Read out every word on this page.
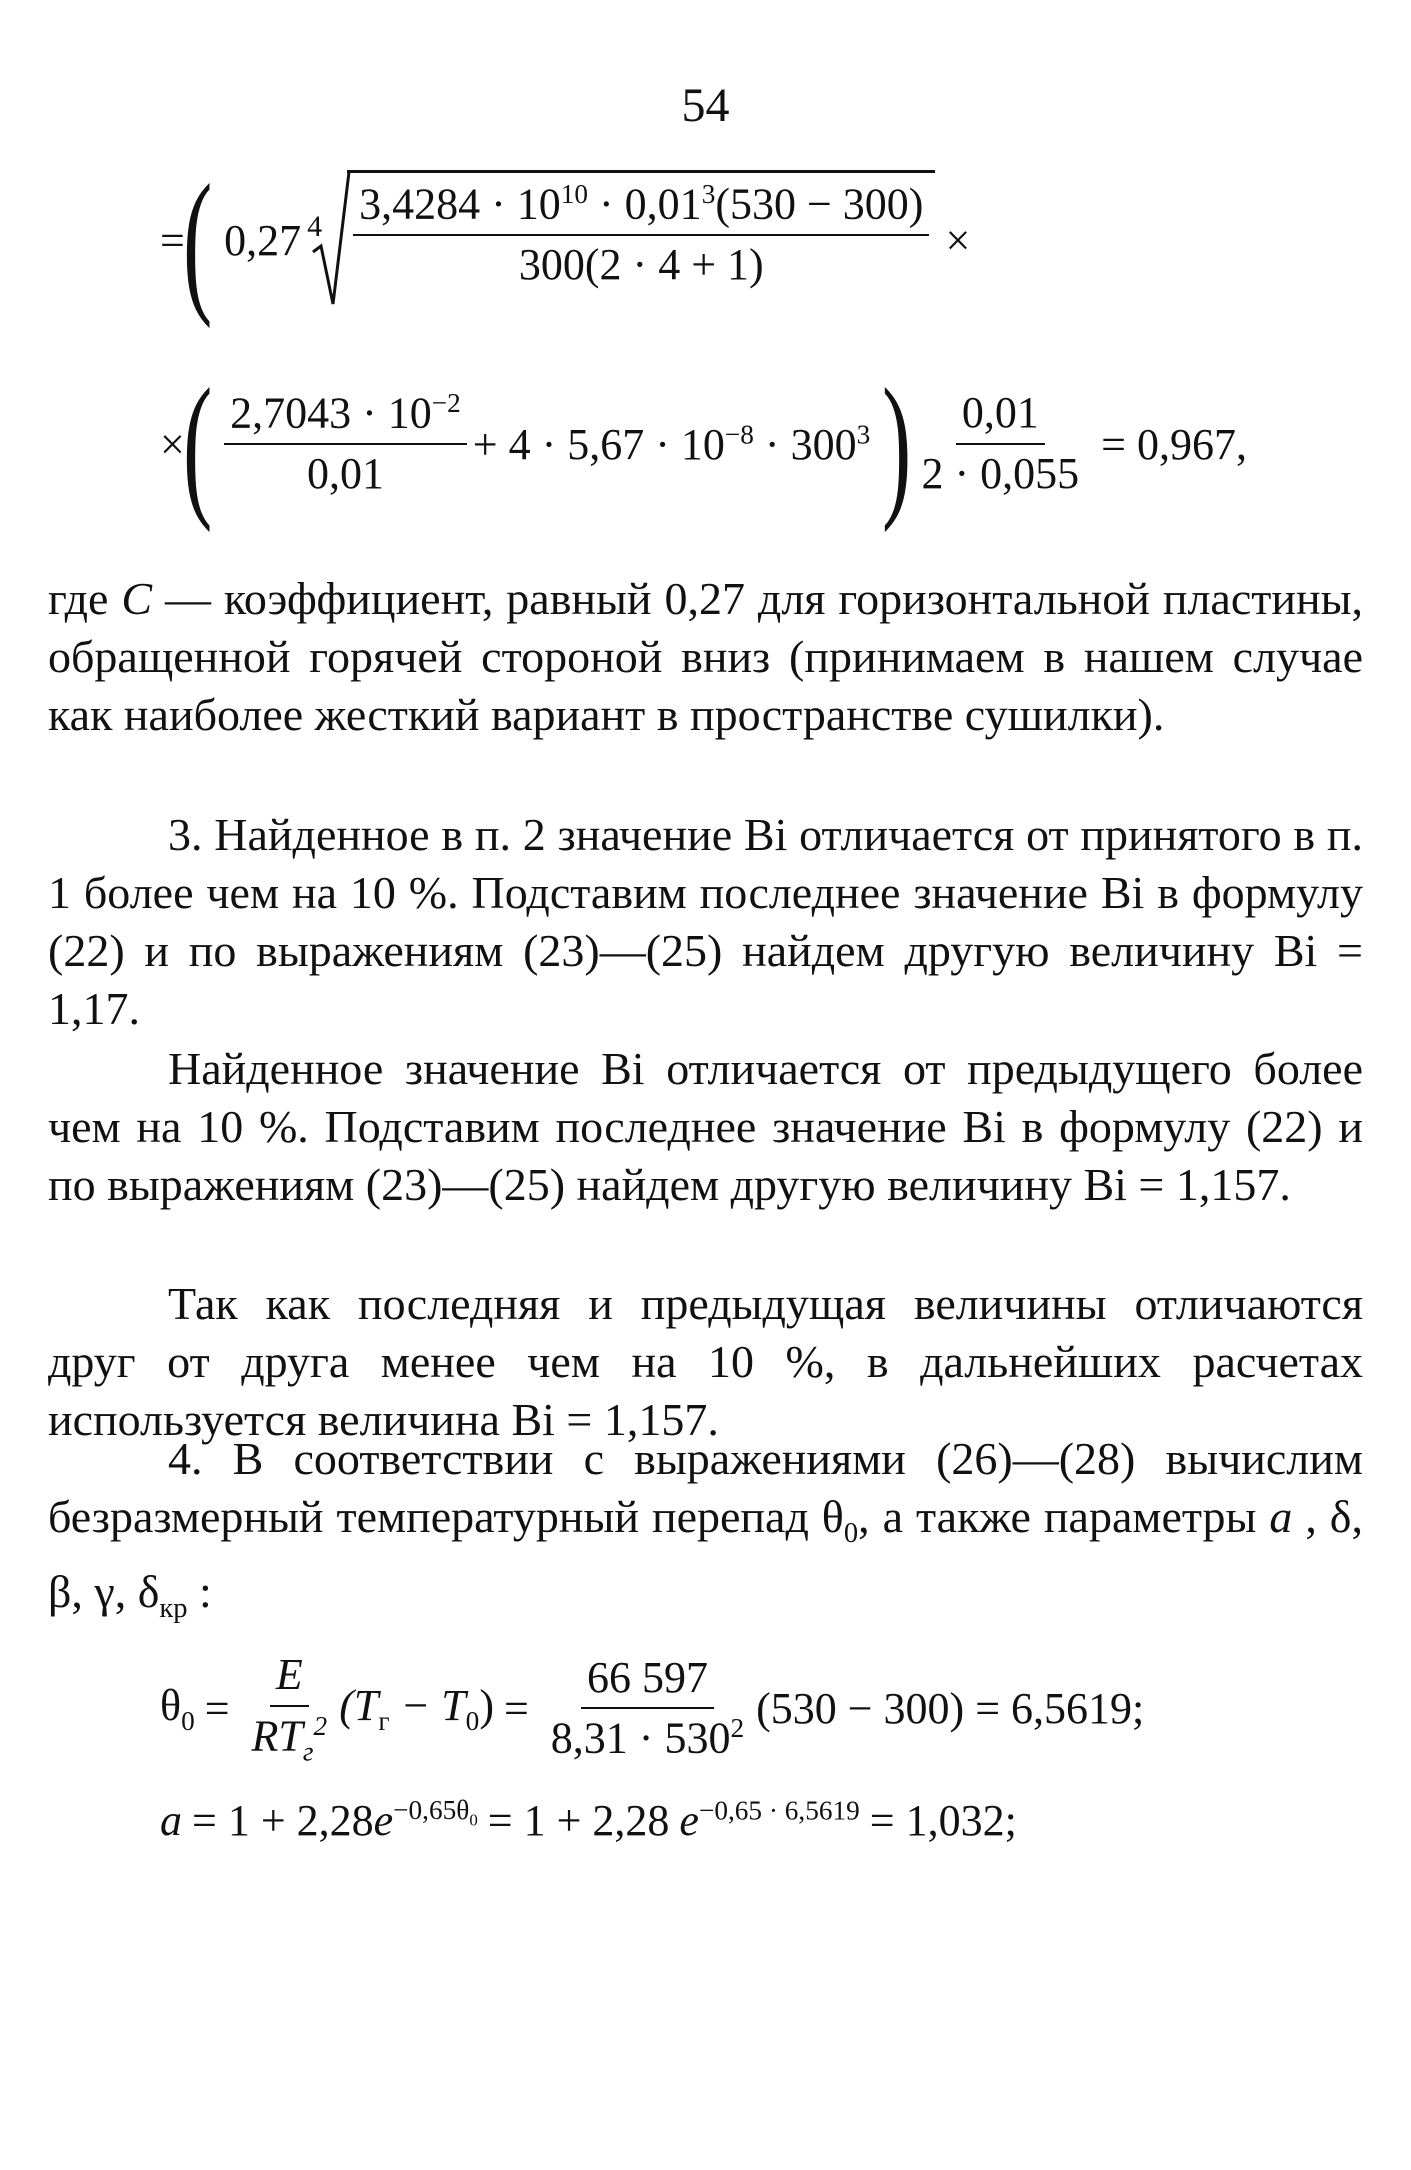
54
=
( 0,27 $4 \frac{3,4284 \cdot 10^{10} \cdot 0,01^3(530 - 300)}{300(2 \cdot 4 + 1)}$ ×
×
( $\frac{2,7043 \cdot 10^{-2}}{0,01} + 4 \cdot 5,67 \cdot 10^{-8} \cdot 300^3$ ) $\frac{0,01}{2 \cdot 0,055} = 0,967$,

где C — коэффициент, равный 0,27 для горизонтальной пластины, обращенной горячей стороной вниз (принимаем в нашем случае как наиболее жесткий вариант в пространстве сушилки).

3. Найденное в п. 2 значение Bi отличается от принятого в п. 1 более чем на 10 %. Подставим последнее значение Bi в формулу (22) и по выражениям (23)—(25) найдем другую величину Bi = 1,17.

Найденное значение Bi отличается от предыдущего более чем на 10 %. Подставим последнее значение Bi в формулу (22) и по выражениям (23)—(25) найдем другую величину Bi = 1,157.

Так как последняя и предыдущая величины отличаются друг от друга менее чем на 10 %, в дальнейших расчетах используется величина Bi = 1,157.

4. В соответствии с выражениями (26)—(28) вычислим безразмерный температурный перепад $\theta_0$, а также параметры a , δ, β, γ, $\delta_{кр}$ :

$\theta_0 = \frac{E}{RT_г^2} (T_г - T_0) = \frac{66 597}{8,31 \cdot 530^2} (530 - 300) = 6,5619$;
a = 1 + 2,28 $e^{-0,65\theta_0} = 1 + 2,28$ $e^{-0,65 \cdot 6,5619} = 1,032$;
